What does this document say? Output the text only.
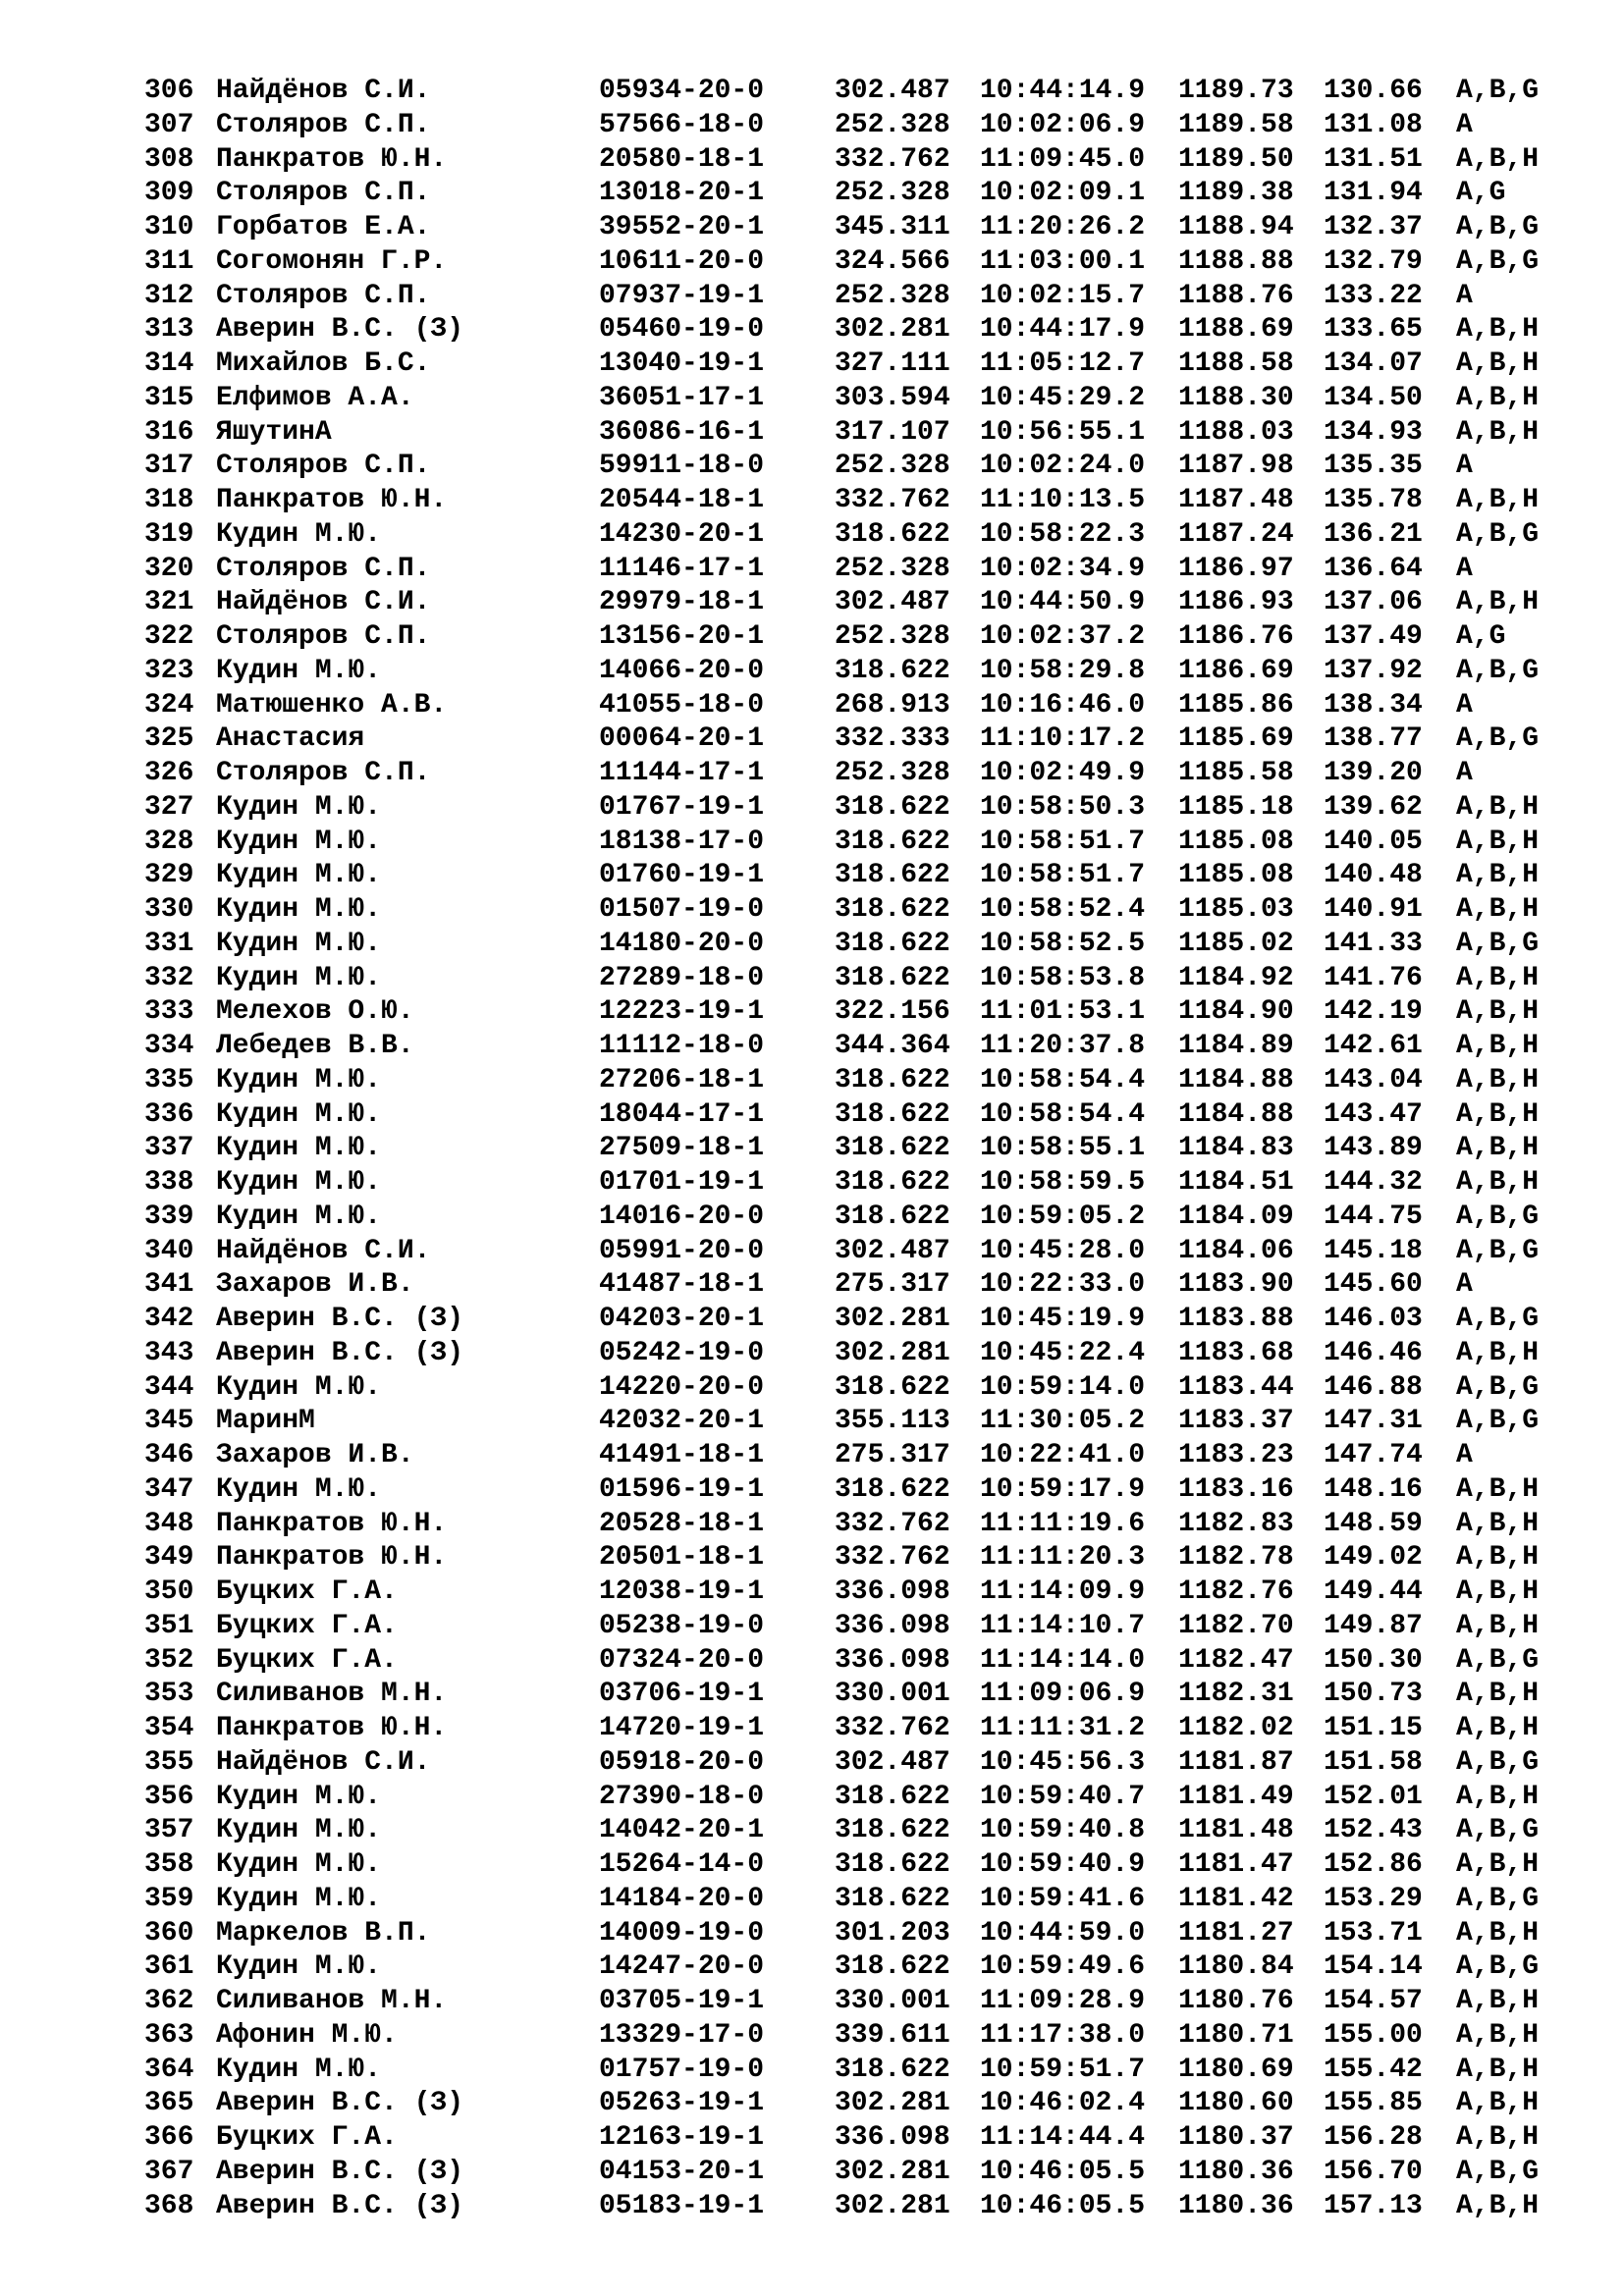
306 Найдёнов С.И.	05934-20-0	302.487	10:44:14.9	1189.73	130.66	A,B,G
307 Столяров С.П.	57566-18-0	252.328	10:02:06.9	1189.58	131.08	A
308 Панкратов Ю.Н.	20580-18-1	332.762	11:09:45.0	1189.50	131.51	A,B,H
309 Столяров С.П.	13018-20-1	252.328	10:02:09.1	1189.38	131.94	A,G
310 Горбатов Е.А.	39552-20-1	345.311	11:20:26.2	1188.94	132.37	A,B,G
311 Согомонян Г.Р.	10611-20-0	324.566	11:03:00.1	1188.88	132.79	A,B,G
312 Столяров С.П.	07937-19-1	252.328	10:02:15.7	1188.76	133.22	A
313 Аверин В.С. (З)	05460-19-0	302.281	10:44:17.9	1188.69	133.65	A,B,H
314 Михайлов Б.С.	13040-19-1	327.111	11:05:12.7	1188.58	134.07	A,B,H
315 Елфимов А.А.	36051-17-1	303.594	10:45:29.2	1188.30	134.50	A,B,H
316 ЯшутинА	36086-16-1	317.107	10:56:55.1	1188.03	134.93	A,B,H
317 Столяров С.П.	59911-18-0	252.328	10:02:24.0	1187.98	135.35	A
318 Панкратов Ю.Н.	20544-18-1	332.762	11:10:13.5	1187.48	135.78	A,B,H
319 Кудин М.Ю.	14230-20-1	318.622	10:58:22.3	1187.24	136.21	A,B,G
320 Столяров С.П.	11146-17-1	252.328	10:02:34.9	1186.97	136.64	A
321 Найдёнов С.И.	29979-18-1	302.487	10:44:50.9	1186.93	137.06	A,B,H
322 Столяров С.П.	13156-20-1	252.328	10:02:37.2	1186.76	137.49	A,G
323 Кудин М.Ю.	14066-20-0	318.622	10:58:29.8	1186.69	137.92	A,B,G
324 Матюшенко А.В.	41055-18-0	268.913	10:16:46.0	1185.86	138.34	A
325 Анастасия	00064-20-1	332.333	11:10:17.2	1185.69	138.77	A,B,G
326 Столяров С.П.	11144-17-1	252.328	10:02:49.9	1185.58	139.20	A
327 Кудин М.Ю.	01767-19-1	318.622	10:58:50.3	1185.18	139.62	A,B,H
328 Кудин М.Ю.	18138-17-0	318.622	10:58:51.7	1185.08	140.05	A,B,H
329 Кудин М.Ю.	01760-19-1	318.622	10:58:51.7	1185.08	140.48	A,B,H
330 Кудин М.Ю.	01507-19-0	318.622	10:58:52.4	1185.03	140.91	A,B,H
331 Кудин М.Ю.	14180-20-0	318.622	10:58:52.5	1185.02	141.33	A,B,G
332 Кудин М.Ю.	27289-18-0	318.622	10:58:53.8	1184.92	141.76	A,B,H
333 Мелехов О.Ю.	12223-19-1	322.156	11:01:53.1	1184.90	142.19	A,B,H
334 Лебедев В.В.	11112-18-0	344.364	11:20:37.8	1184.89	142.61	A,B,H
335 Кудин М.Ю.	27206-18-1	318.622	10:58:54.4	1184.88	143.04	A,B,H
336 Кудин М.Ю.	18044-17-1	318.622	10:58:54.4	1184.88	143.47	A,B,H
337 Кудин М.Ю.	27509-18-1	318.622	10:58:55.1	1184.83	143.89	A,B,H
338 Кудин М.Ю.	01701-19-1	318.622	10:58:59.5	1184.51	144.32	A,B,H
339 Кудин М.Ю.	14016-20-0	318.622	10:59:05.2	1184.09	144.75	A,B,G
340 Найдёнов С.И.	05991-20-0	302.487	10:45:28.0	1184.06	145.18	A,B,G
341 Захаров И.В.	41487-18-1	275.317	10:22:33.0	1183.90	145.60	A
342 Аверин В.С. (З)	04203-20-1	302.281	10:45:19.9	1183.88	146.03	A,B,G
343 Аверин В.С. (З)	05242-19-0	302.281	10:45:22.4	1183.68	146.46	A,B,H
344 Кудин М.Ю.	14220-20-0	318.622	10:59:14.0	1183.44	146.88	A,B,G
345 МаринМ	42032-20-1	355.113	11:30:05.2	1183.37	147.31	A,B,G
346 Захаров И.В.	41491-18-1	275.317	10:22:41.0	1183.23	147.74	A
347 Кудин М.Ю.	01596-19-1	318.622	10:59:17.9	1183.16	148.16	A,B,H
348 Панкратов Ю.Н.	20528-18-1	332.762	11:11:19.6	1182.83	148.59	A,B,H
349 Панкратов Ю.Н.	20501-18-1	332.762	11:11:20.3	1182.78	149.02	A,B,H
350 Буцких Г.А.	12038-19-1	336.098	11:14:09.9	1182.76	149.44	A,B,H
351 Буцких Г.А.	05238-19-0	336.098	11:14:10.7	1182.70	149.87	A,B,H
352 Буцких Г.А.	07324-20-0	336.098	11:14:14.0	1182.47	150.30	A,B,G
353 Силиванов М.Н.	03706-19-1	330.001	11:09:06.9	1182.31	150.73	A,B,H
354 Панкратов Ю.Н.	14720-19-1	332.762	11:11:31.2	1182.02	151.15	A,B,H
355 Найдёнов С.И.	05918-20-0	302.487	10:45:56.3	1181.87	151.58	A,B,G
356 Кудин М.Ю.	27390-18-0	318.622	10:59:40.7	1181.49	152.01	A,B,H
357 Кудин М.Ю.	14042-20-1	318.622	10:59:40.8	1181.48	152.43	A,B,G
358 Кудин М.Ю.	15264-14-0	318.622	10:59:40.9	1181.47	152.86	A,B,H
359 Кудин М.Ю.	14184-20-0	318.622	10:59:41.6	1181.42	153.29	A,B,G
360 Маркелов В.П.	14009-19-0	301.203	10:44:59.0	1181.27	153.71	A,B,H
361 Кудин М.Ю.	14247-20-0	318.622	10:59:49.6	1180.84	154.14	A,B,G
362 Силиванов М.Н.	03705-19-1	330.001	11:09:28.9	1180.76	154.57	A,B,H
363 Афонин М.Ю.	13329-17-0	339.611	11:17:38.0	1180.71	155.00	A,B,H
364 Кудин М.Ю.	01757-19-0	318.622	10:59:51.7	1180.69	155.42	A,B,H
365 Аверин В.С. (З)	05263-19-1	302.281	10:46:02.4	1180.60	155.85	A,B,H
366 Буцких Г.А.	12163-19-1	336.098	11:14:44.4	1180.37	156.28	A,B,H
367 Аверин В.С. (З)	04153-20-1	302.281	10:46:05.5	1180.36	156.70	A,B,G
368 Аверин В.С. (З)	05183-19-1	302.281	10:46:05.5	1180.36	157.13	A,B,H
